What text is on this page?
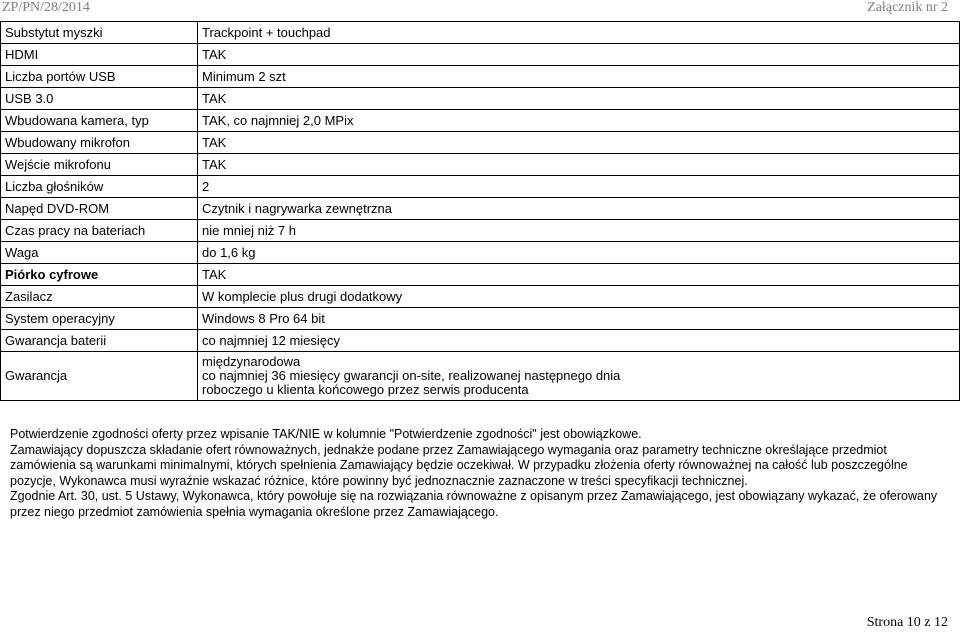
ZP/PN/28/2014	Załącznik nr 2
Substytut myszki	Trackpoint + touchpad
HDMI	TAK
Liczba portów USB	Minimum 2 szt
USB 3.0	TAK
Wbudowana kamera, typ	TAK, co najmniej 2,0 MPix
Wbudowany mikrofon	TAK
Wejście mikrofonu	TAK
Liczba głośników	2
Napęd DVD-ROM	Czytnik i nagrywarka zewnętrzna
Czas pracy na bateriach	nie mniej niż 7 h
Waga	do 1,6 kg
Piórko cyfrowe	TAK
Zasilacz	W komplecie plus drugi dodatkowy
System operacyjny	Windows 8 Pro 64 bit
Gwarancja baterii	co najmniej 12 miesięcy
Gwarancja	międzynarodowa
co najmniej 36 miesięcy gwarancji on-site, realizowanej następnego dnia
roboczego u klienta końcowego przez serwis producenta

Potwierdzenie zgodności oferty przez wpisanie TAK/NIE w kolumnie "Potwierdzenie zgodności" jest obowiązkowe.

Zamawiający dopuszcza składanie ofert równoważnych, jednakże podane przez Zamawiającego wymagania oraz parametry techniczne określające przedmiot zamówienia są warunkami minimalnymi, których spełnienia Zamawiający będzie oczekiwał. W przypadku złożenia oferty równoważnej na całość lub poszczególne pozycje, Wykonawca musi wyraźnie wskazać różnice, które powinny być jednoznacznie zaznaczone w treści specyfikacji technicznej.

Zgodnie Art. 30, ust. 5 Ustawy, Wykonawca, który powołuje się na rozwiązania równoważne z opisanym przez Zamawiającego, jest obowiązany wykazać, że oferowany przez niego przedmiot zamówienia spełnia wymagania określone przez Zamawiającego.

Strona 10 z 12
